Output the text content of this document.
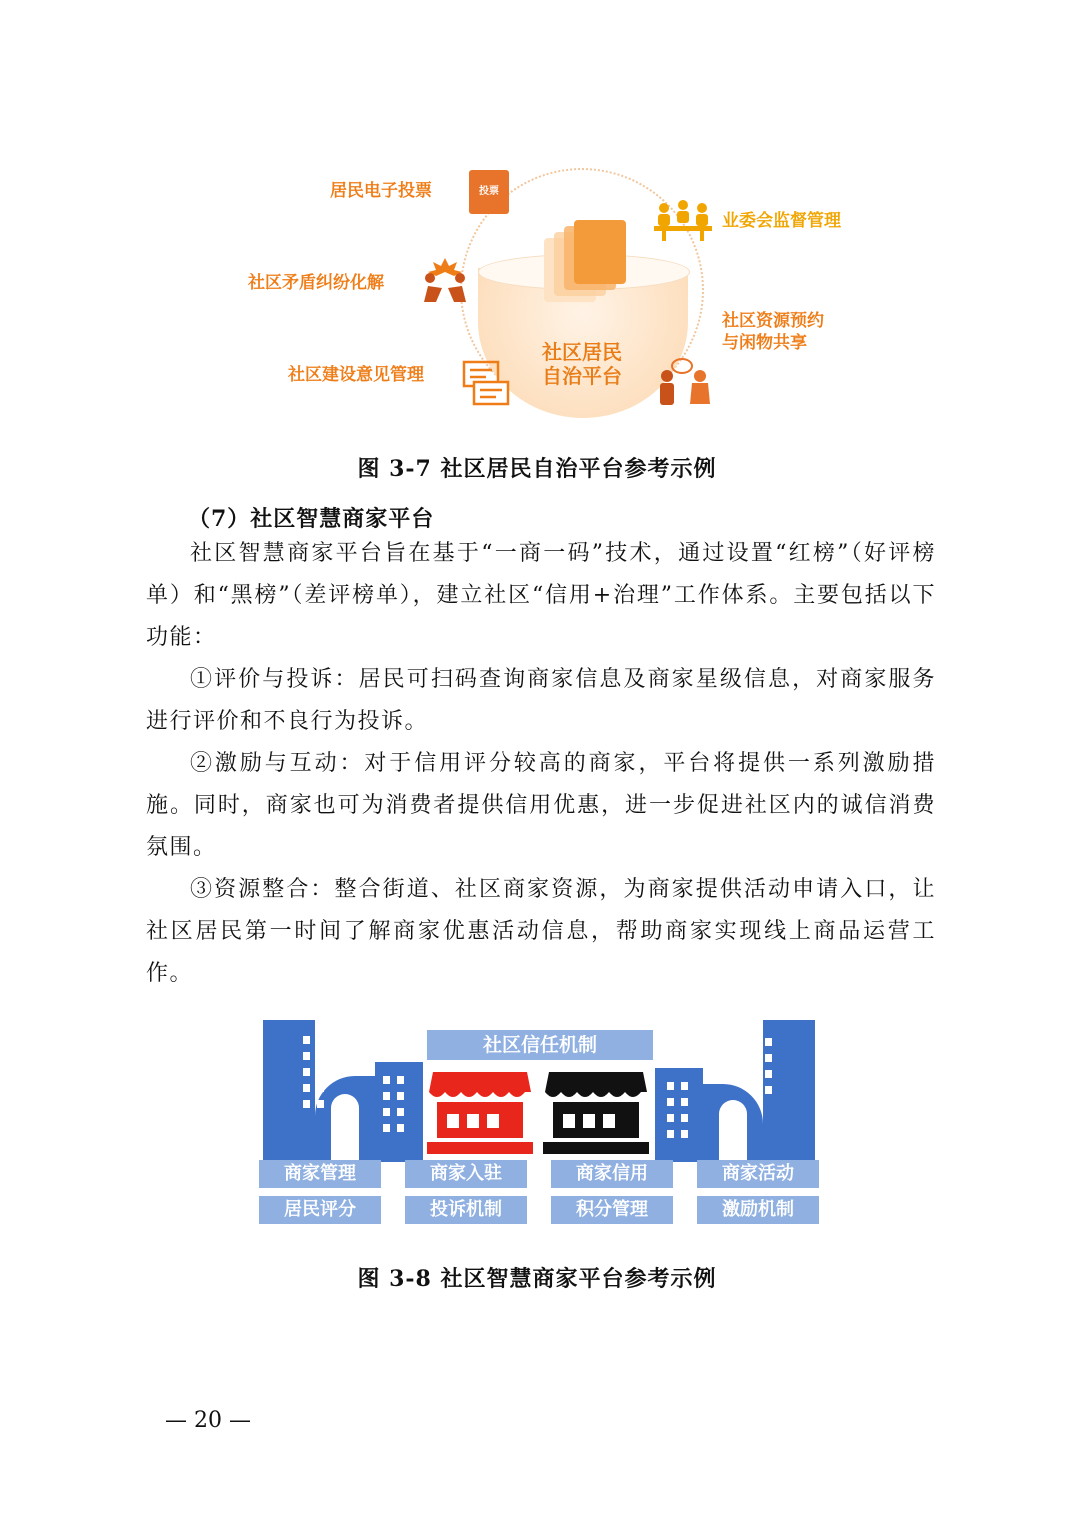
社区居民
自治平台
居民电子投票	投票
业委会监督管理
社区矛盾纠纷化解
社区资源预约
与闲物共享
社区建设意见管理
图 3-7 社区居民自治平台参考示例
（7）社区智慧商家平台

社区智慧商家平台旨在基于“一商一码”技术，通过设置“红榜”（好评榜单）和“黑榜”（差评榜单），建立社区“信用+治理”工作体系。主要包括以下功能：

①评价与投诉：居民可扫码查询商家信息及商家星级信息，对商家服务进行评价和不良行为投诉。

②激励与互动：对于信用评分较高的商家，平台将提供一系列激励措施。同时，商家也可为消费者提供信用优惠，进一步促进社区内的诚信消费氛围。

③资源整合：整合街道、社区商家资源，为商家提供活动申请入口，让社区居民第一时间了解商家优惠活动信息，帮助商家实现线上商品运营工作。

社区信任机制
商家管理	商家入驻	商家信用	商家活动
居民评分	投诉机制	积分管理	激励机制
图 3-8 社区智慧商家平台参考示例
— 20 —
